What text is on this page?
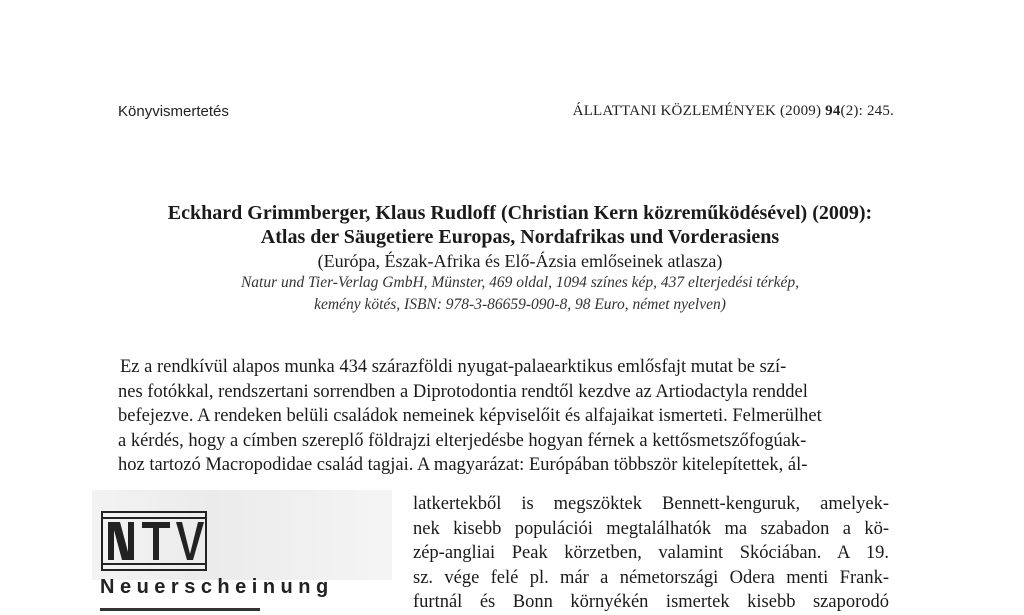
Könyvismertetés	ÁLLATTANI KÖZLEMÉNYEK (2009) 94(2): 245.
Eckhard Grimmberger, Klaus Rudloff (Christian Kern közreműködésével) (2009):
Atlas der Säugetiere Europas, Nordafrikas und Vorderasiens
(Európa, Észak-Afrika és Elő-Ázsia emlőseinek atlasza)
Natur und Tier-Verlag GmbH, Münster, 469 oldal, 1094 színes kép, 437 elterjedési térkép,
kemény kötés, ISBN: 978-3-86659-090-8, 98 Euro, német nyelven)
Ez a rendkívül alapos munka 434 szárazföldi nyugat-palaearktikus emlősfajt mutat be szí-
nes fotókkal, rendszertani sorrendben a Diprotodontia rendtől kezdve az Artiodactyla renddel
befejezve. A rendeken belüli családok nemeinek képviselőit és alfajaikat ismerteti. Felmerülhet
a kérdés, hogy a címben szereplő földrajzi elterjedésbe hogyan férnek a kettősmetszőfogúak-
hoz tartozó Macropodidae család tagjai. A magyarázat: Európában többször kitelepítettek, ál-
latkertekből is megszöktek Bennett-kenguruk, amelyek-
nek kisebb populációi megtalálhatók ma szabadon a kö-
zép-angliai Peak körzetben, valamint Skóciában. A 19.
sz. vége felé pl. már a németországi Odera menti Frank-
furtnál és Bonn környékén ismertek kisebb szaporodó
Neuerscheinung
